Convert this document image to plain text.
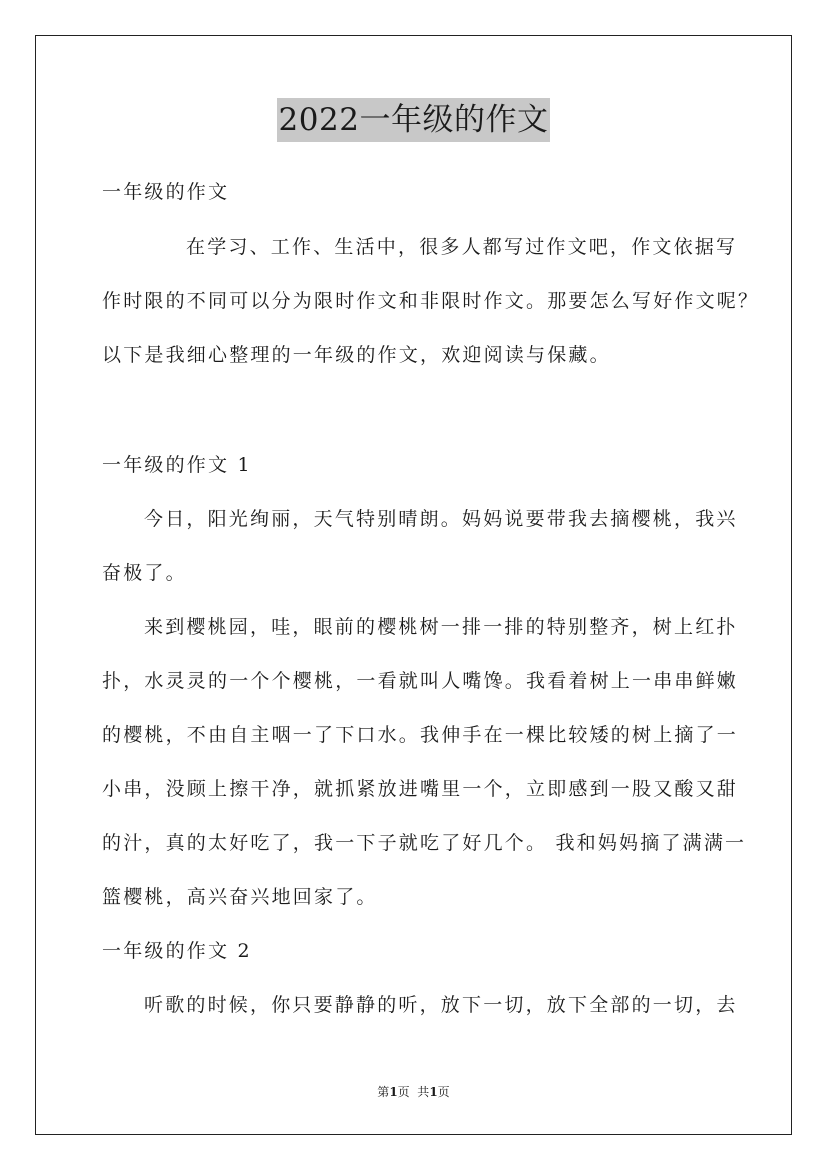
2022一年级的作文
一年级的作文
在学习、工作、生活中，很多人都写过作文吧，作文依据写
作时限的不同可以分为限时作文和非限时作文。那要怎么写好作文呢？
以下是我细心整理的一年级的作文，欢迎阅读与保藏。
一年级的作文 1
今日，阳光绚丽，天气特别晴朗。妈妈说要带我去摘樱桃，我兴
奋极了。
来到樱桃园，哇，眼前的樱桃树一排一排的特别整齐，树上红扑
扑，水灵灵的一个个樱桃，一看就叫人嘴馋。我看着树上一串串鲜嫩
的樱桃，不由自主咽一了下口水。我伸手在一棵比较矮的树上摘了一
小串，没顾上擦干净，就抓紧放进嘴里一个，立即感到一股又酸又甜
的汁，真的太好吃了，我一下子就吃了好几个。 我和妈妈摘了满满一
篮樱桃，高兴奋兴地回家了。
一年级的作文 2
听歌的时候，你只要静静的听，放下一切，放下全部的一切，去
第1页  共1页
